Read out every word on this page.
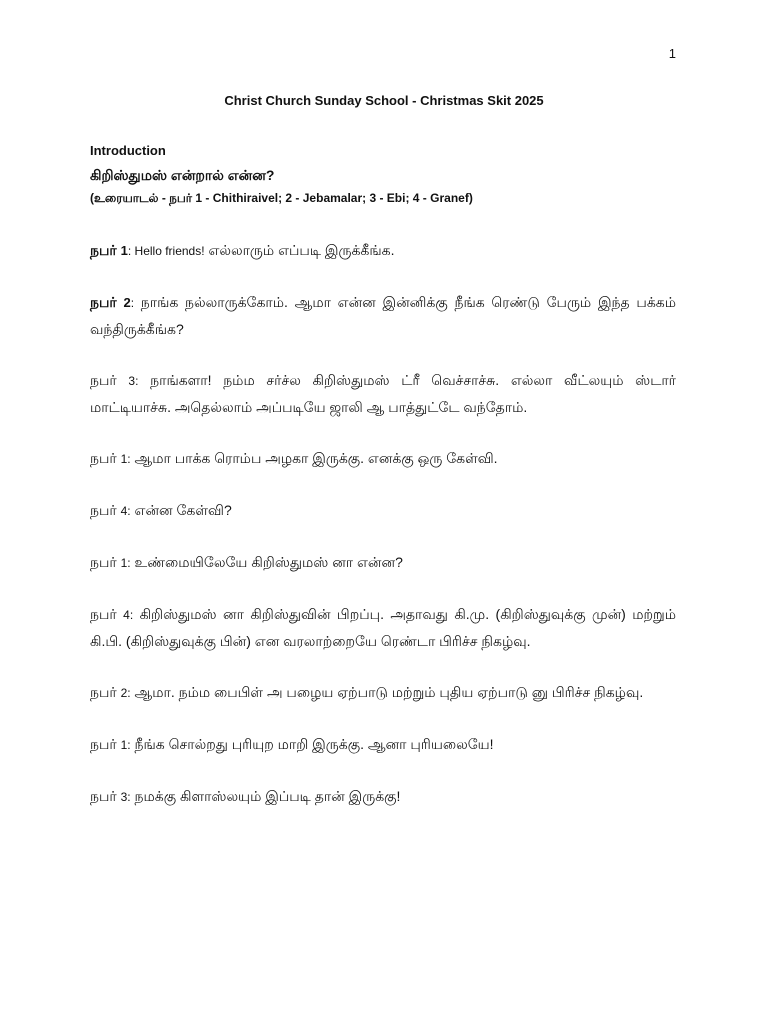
1
Christ Church Sunday School - Christmas Skit 2025
Introduction
கிறிஸ்துமஸ் என்றால் என்ன?
(உரையாடல் - நபர் 1 - Chithiraivel; 2 - Jebamalar; 3 - Ebi; 4 - Granef)
நபர் 1: Hello friends! எல்லாரும் எப்படி இருக்கீங்க.
நபர் 2: நாங்க நல்லாருக்கோம். ஆமா என்ன இன்னிக்கு நீங்க ரெண்டு பேரும் இந்த பக்கம் வந்திருக்கீங்க?
நபர் 3: நாங்களா! நம்ம சர்ச்ல கிறிஸ்துமஸ் ட்ரீ வெச்சாச்சு. எல்லா வீட்லயும் ஸ்டார் மாட்டியாச்சு. அதெல்லாம் அப்படியே ஜாலி ஆ பாத்துட்டே வந்தோம்.
நபர் 1: ஆமா பாக்க ரொம்ப அழகா இருக்கு. எனக்கு ஒரு கேள்வி.
நபர் 4: என்ன கேள்வி?
நபர் 1: உண்மையிலேயே கிறிஸ்துமஸ் னா என்ன?
நபர் 4: கிறிஸ்துமஸ் னா கிறிஸ்துவின் பிறப்பு. அதாவது கி.மு. (கிறிஸ்துவுக்கு முன்) மற்றும் கி.பி. (கிறிஸ்துவுக்கு பின்) என வரலாற்றையே ரெண்டா பிரிச்ச நிகழ்வு.
நபர் 2: ஆமா. நம்ம பைபிள் அ பழைய ஏற்பாடு மற்றும் புதிய ஏற்பாடு னு பிரிச்ச நிகழ்வு.
நபர் 1: நீங்க சொல்றது புரியுற மாறி இருக்கு. ஆனா புரியலையே!
நபர் 3: நமக்கு கிளாஸ்லயும் இப்படி தான் இருக்கு!
